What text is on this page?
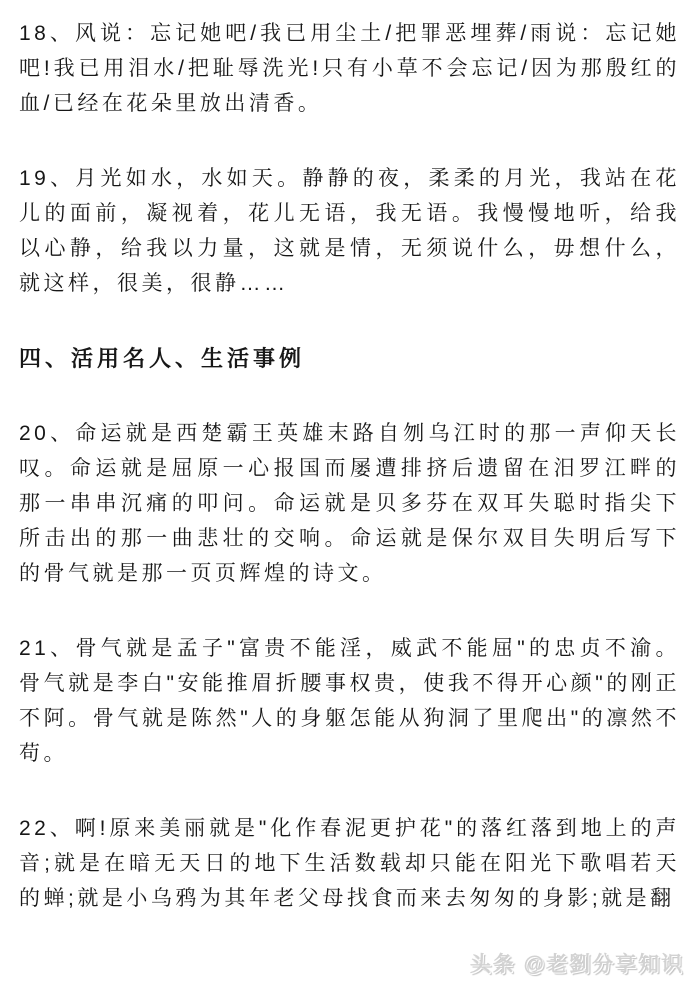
18、风说：忘记她吧/我已用尘土/把罪恶埋葬/雨说：忘记她吧!我已用泪水/把耻辱洗光!只有小草不会忘记/因为那殷红的血/已经在花朵里放出清香。

19、月光如水，水如天。静静的夜，柔柔的月光，我站在花儿的面前，凝视着，花儿无语，我无语。我慢慢地听，给我以心静，给我以力量，这就是情，无须说什么，毋想什么，就这样，很美，很静……

四、活用名人、生活事例

20、命运就是西楚霸王英雄末路自刎乌江时的那一声仰天长叹。命运就是屈原一心报国而屡遭排挤后遗留在汨罗江畔的那一串串沉痛的叩问。命运就是贝多芬在双耳失聪时指尖下所击出的那一曲悲壮的交响。命运就是保尔双目失明后写下的骨气就是那一页页辉煌的诗文。

21、骨气就是孟子"富贵不能淫，威武不能屈"的忠贞不渝。骨气就是李白"安能推眉折腰事权贵，使我不得开心颜"的刚正不阿。骨气就是陈然"人的身躯怎能从狗洞了里爬出"的凛然不苟。

22、啊!原来美丽就是"化作春泥更护花"的落红落到地上的声音;就是在暗无天日的地下生活数载却只能在阳光下歌唱若天的蝉;就是小乌鸦为其年老父母找食而来去匆匆的身影;就是翻

头条 @老劉分享知识
